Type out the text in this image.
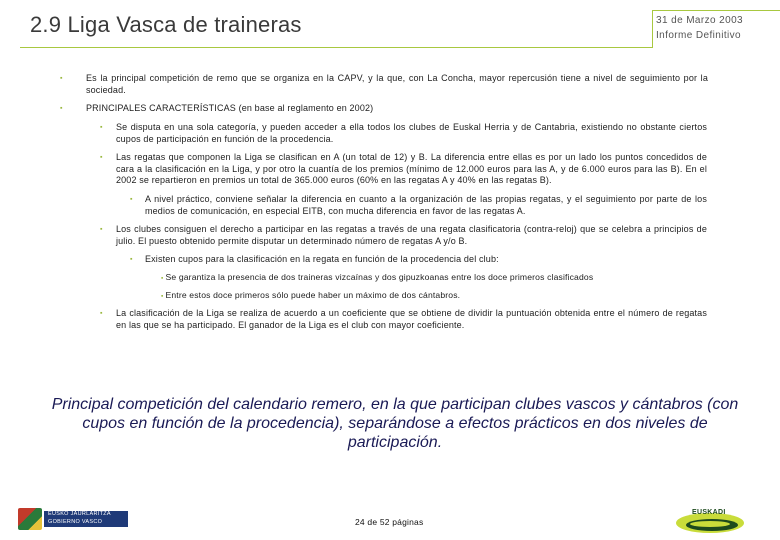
2.9 Liga Vasca de traineras	31 de Marzo 2003
Informe Definitivo
▪	Es la principal competición de remo que se organiza en la CAPV, y la que, con La Concha, mayor repercusión tiene a nivel de seguimiento por la sociedad.
▪	PRINCIPALES CARACTERÍSTICAS (en base al reglamento en 2002)
▪ Se disputa en una sola categoría, y pueden acceder a ella todos los clubes de Euskal Herria y de Cantabria, existiendo no obstante ciertos cupos de participación en función de la procedencia.
▪ Las regatas que componen la Liga se clasifican en A (un total de 12) y B. La diferencia entre ellas es por un lado los puntos concedidos de cara a la clasificación en la Liga, y por otro la cuantía de los premios (mínimo de 12.000 euros para las A, y de 6.000 euros para las B). En el 2002 se repartieron en premios un total de 365.000 euros (60% en las regatas A y 40% en las regatas B).
▪ A nivel práctico, conviene señalar la diferencia en cuanto a la organización de las propias regatas, y el seguimiento por parte de los medios de comunicación, en especial EITB, con mucha diferencia en favor de las regatas A.
▪ Los clubes consiguen el derecho a participar en las regatas a través de una regata clasificatoria (contra-reloj) que se celebra a principios de julio. El puesto obtenido permite disputar un determinado número de regatas A y/o B.
▪ Existen cupos para la clasificación en la regata en función de la procedencia del club:
▪ Se garantiza la presencia de dos traineras vizcaínas y dos gipuzkoanas entre los doce primeros clasificados
▪ Entre estos doce primeros sólo puede haber un máximo de dos cántabros.
▪ La clasificación de la Liga se realiza de acuerdo a un coeficiente que se obtiene de dividir la puntuación obtenida entre el número de regatas en las que se ha participado. El ganador de la Liga es el club con mayor coeficiente.
Principal competición del calendario remero, en la que participan clubes vascos y cántabros (con cupos en función de la procedencia), separándose a efectos prácticos en dos niveles de participación.
EUSKO JAURLARITZA
GOBIERNO VASCO	24 de 52 páginas
EUSKADI
